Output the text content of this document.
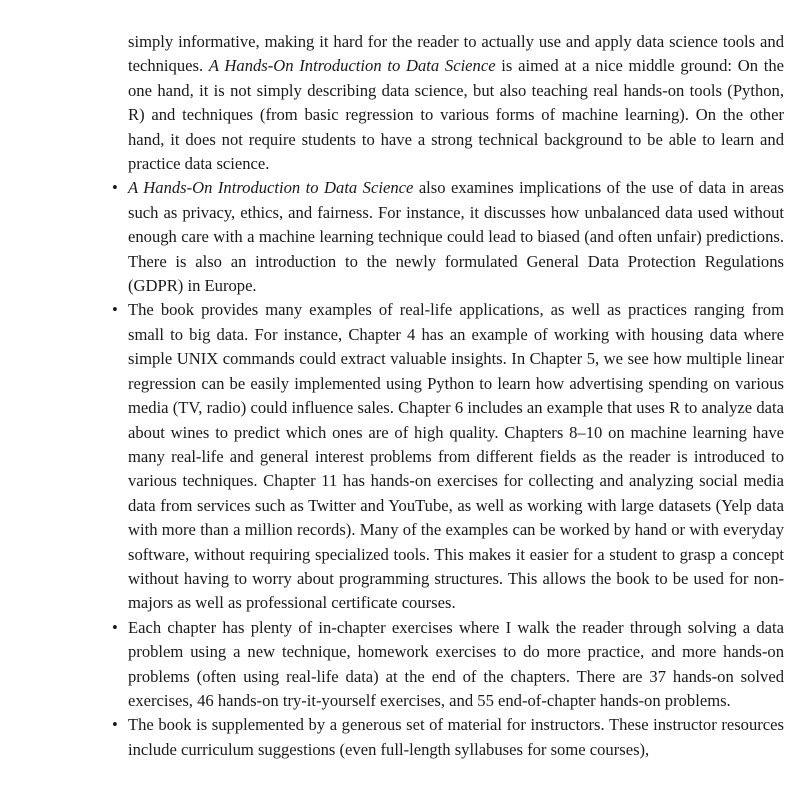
simply informative, making it hard for the reader to actually use and apply data science tools and techniques. A Hands-On Introduction to Data Science is aimed at a nice middle ground: On the one hand, it is not simply describing data science, but also teaching real hands-on tools (Python, R) and techniques (from basic regression to various forms of machine learning). On the other hand, it does not require students to have a strong technical background to be able to learn and practice data science.

• A Hands-On Introduction to Data Science also examines implications of the use of data in areas such as privacy, ethics, and fairness. For instance, it discusses how unbalanced data used without enough care with a machine learning technique could lead to biased (and often unfair) predictions. There is also an introduction to the newly formulated General Data Protection Regulations (GDPR) in Europe.
• The book provides many examples of real-life applications, as well as practices ranging from small to big data. For instance, Chapter 4 has an example of working with housing data where simple UNIX commands could extract valuable insights. In Chapter 5, we see how multiple linear regression can be easily implemented using Python to learn how advertising spending on various media (TV, radio) could influence sales. Chapter 6 includes an example that uses R to analyze data about wines to predict which ones are of high quality. Chapters 8–10 on machine learning have many real-life and general interest problems from different fields as the reader is introduced to various techniques. Chapter 11 has hands-on exercises for collecting and analyzing social media data from services such as Twitter and YouTube, as well as working with large datasets (Yelp data with more than a million records). Many of the examples can be worked by hand or with everyday software, without requiring specialized tools. This makes it easier for a student to grasp a concept without having to worry about programming structures. This allows the book to be used for non-majors as well as professional certificate courses.
• Each chapter has plenty of in-chapter exercises where I walk the reader through solving a data problem using a new technique, homework exercises to do more practice, and more hands-on problems (often using real-life data) at the end of the chapters. There are 37 hands-on solved exercises, 46 hands-on try-it-yourself exercises, and 55 end-of-chapter hands-on problems.
• The book is supplemented by a generous set of material for instructors. These instructor resources include curriculum suggestions (even full-length syllabuses for some courses),
